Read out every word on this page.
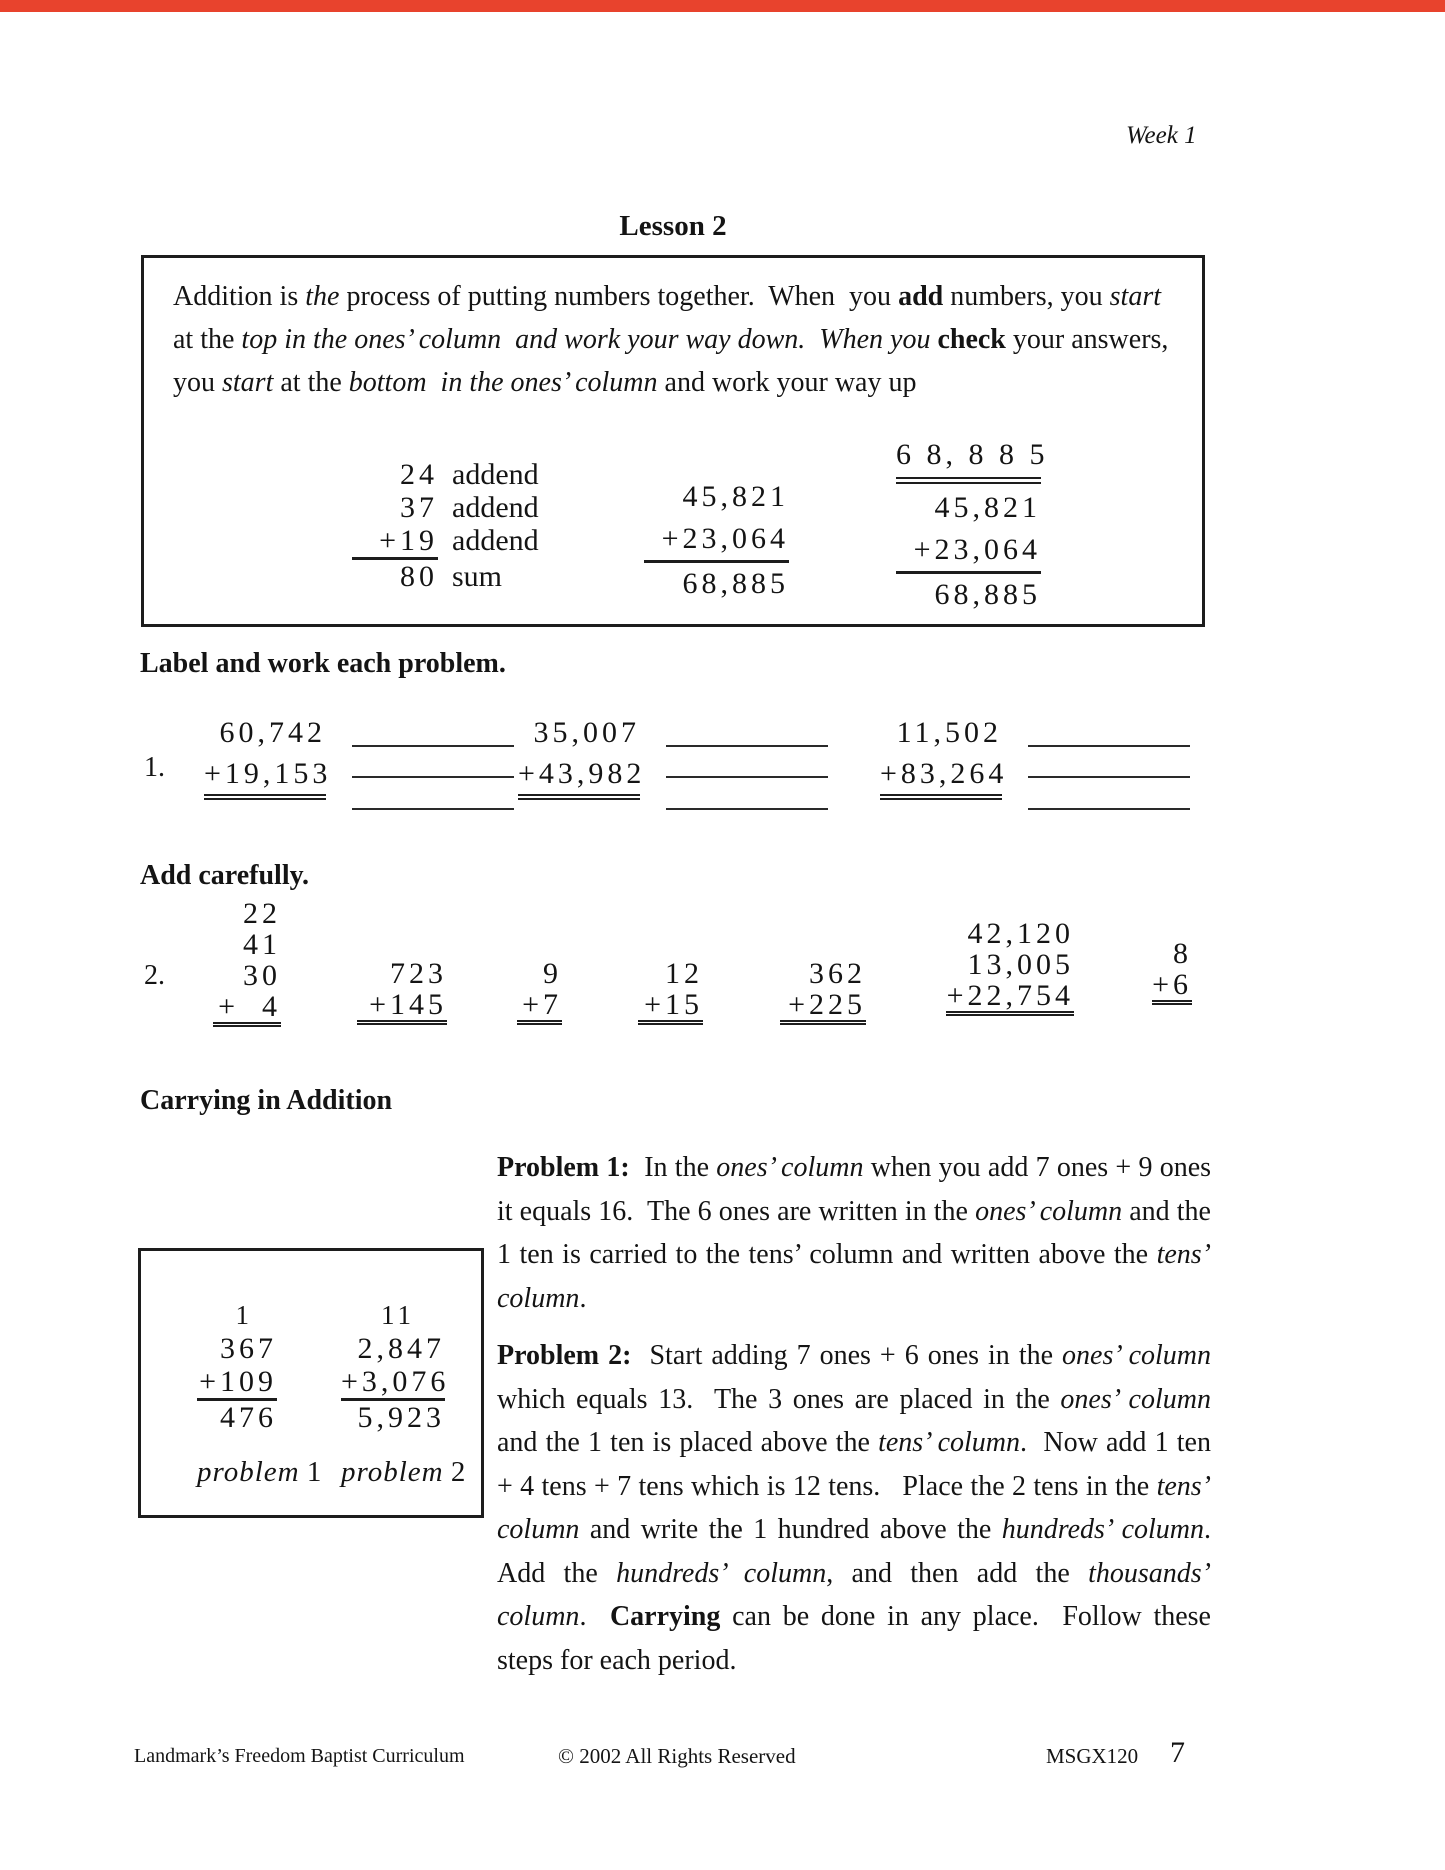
Week 1
Lesson 2

Addition is the process of putting numbers together.  When  you add numbers, you start at the top in the ones’ column  and work your way down. When you check your answers, you start at the bottom  in the ones’ column and work your way up

24 addend
37 addend
+19 addend
80 sum
45,821
+23,064
68,885
6 8, 8 8 5
45,821
+23,064
68,885
Label and work each problem.
1.
60,742
+19,153
35,007
+43,982
11,502
+83,264
Add carefully.
2.
22
41
30
+  4
723
+145
9
+7
12
+15
362
+225
42,120
13,005
+22,754
8
+6
Carrying in Addition
1
367
+109
476
problem 1
11
2,847
+3,076
5,923
problem 2

Problem 1:  In the ones’ column when you add 7 ones + 9 ones it equals 16.  The 6 ones are written in the ones’ column and the 1 ten is carried to the tens’ column and written above the tens’ column.

Problem 2:  Start adding 7 ones + 6 ones in the ones’ column which equals 13.  The 3 ones are placed in the ones’ column and the 1 ten is placed above the tens’ column.  Now add 1 ten + 4 tens + 7 tens which is 12 tens.   Place the 2 tens in the tens’ column and write the 1 hundred above the hundreds’ column.  Add the hundreds’ column, and then add the thousands’ column.  Carrying can be done in any place.  Follow these steps for each period.

Landmark’s Freedom Baptist Curriculum	© 2002 All Rights Reserved	MSGX120 7
